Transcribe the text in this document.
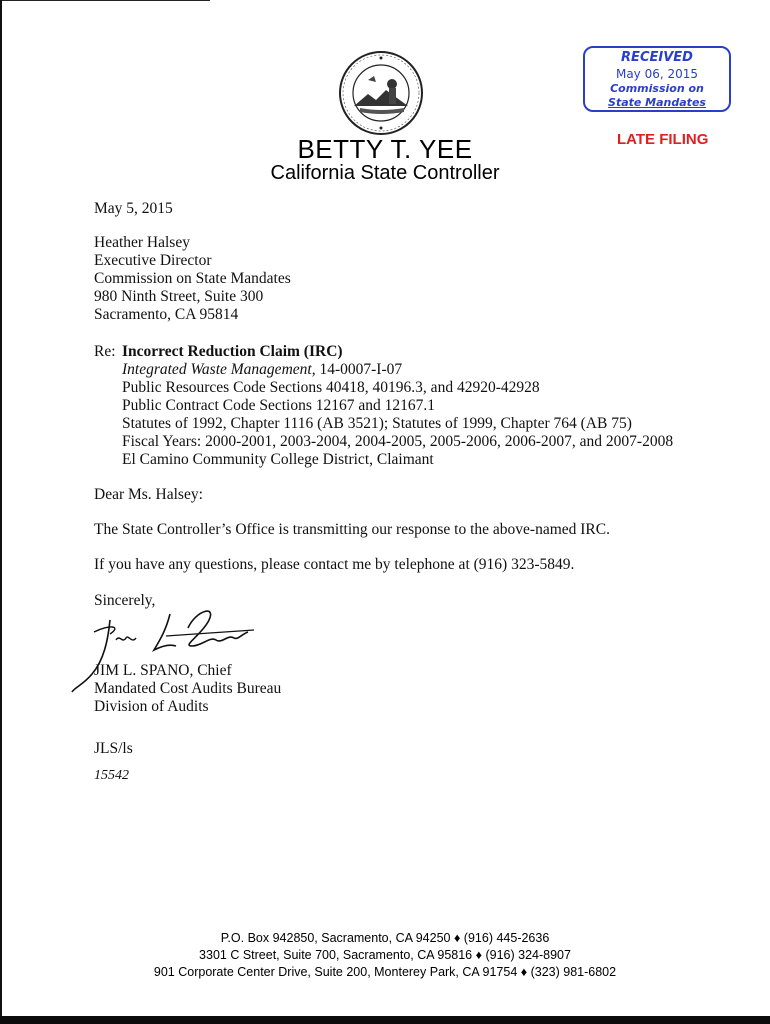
BETTY T. YEE
California State Controller
RECEIVED
May 06, 2015
Commission on
State Mandates
LATE FILING
May 5, 2015
Heather Halsey
Executive Director
Commission on State Mandates
980 Ninth Street, Suite 300
Sacramento, CA 95814
Re: Incorrect Reduction Claim (IRC)
Integrated Waste Management, 14-0007-I-07
Public Resources Code Sections 40418, 40196.3, and 42920-42928
Public Contract Code Sections 12167 and 12167.1
Statutes of 1992, Chapter 1116 (AB 3521); Statutes of 1999, Chapter 764 (AB 75)
Fiscal Years: 2000-2001, 2003-2004, 2004-2005, 2005-2006, 2006-2007, and 2007-2008
El Camino Community College District, Claimant
Dear Ms. Halsey:
The State Controller’s Office is transmitting our response to the above-named IRC.
If you have any questions, please contact me by telephone at (916) 323-5849.
Sincerely,
JIM L. SPANO, Chief
Mandated Cost Audits Bureau
Division of Audits
JLS/ls
15542
P.O. Box 942850, Sacramento, CA 94250 ♦ (916) 445-2636
3301 C Street, Suite 700, Sacramento, CA 95816 ♦ (916) 324-8907
901 Corporate Center Drive, Suite 200, Monterey Park, CA 91754 ♦ (323) 981-6802
